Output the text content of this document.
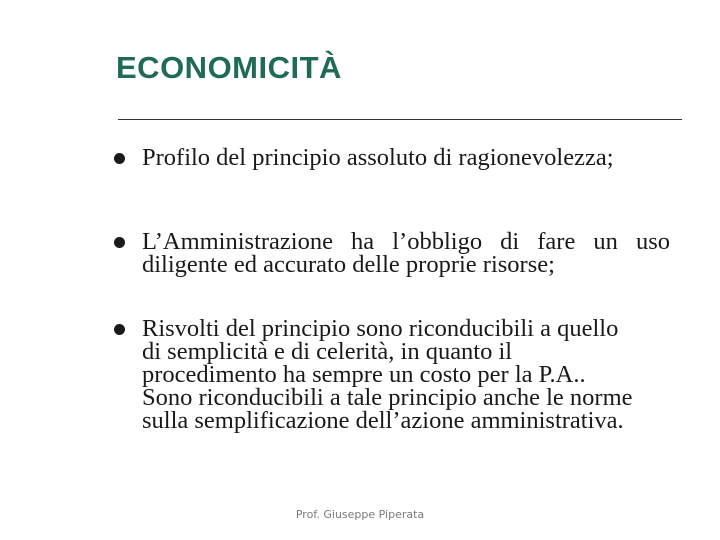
ECONOMICITÀ
Profilo del principio assoluto di ragionevolezza;
L’Amministrazione ha l’obbligo di fare un uso diligente ed accurato delle proprie risorse;
Risvolti del principio sono riconducibili a quello di semplicità e di celerità, in quanto il procedimento ha sempre un costo per la P.A.. Sono riconducibili a tale principio anche le norme sulla semplificazione dell’azione amministrativa.
Prof. Giuseppe Piperata
